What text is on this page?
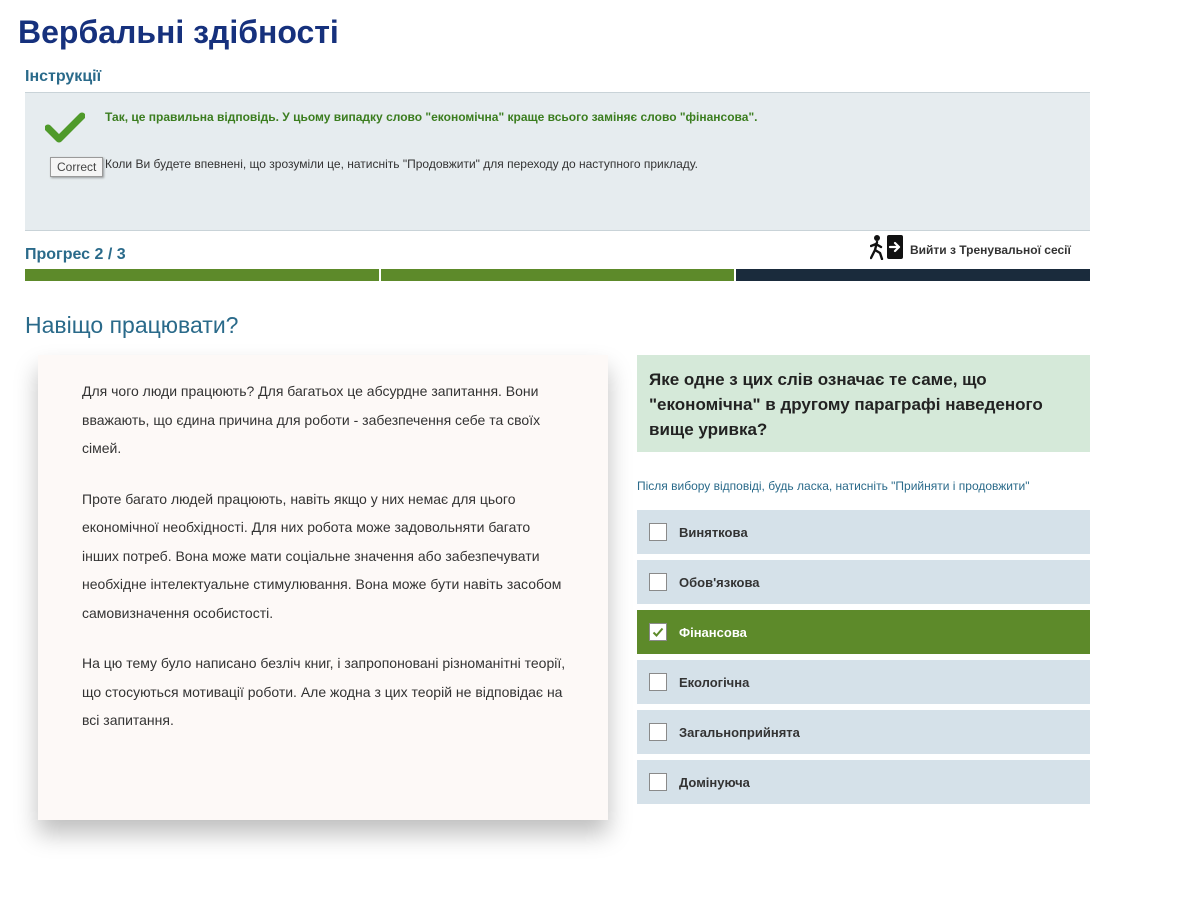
Вербальні здібності
Інструкції
Correct
Так, це правильна відповідь. У цьому випадку слово "економічна" краще всього заміняє слово "фінансова".
Коли Ви будете впевнені, що зрозуміли це, натисніть "Продовжити" для переходу до наступного прикладу.
Прогрес 2 / 3	Вийти з Тренувальної сесії
Навіщо працювати?

Для чого люди працюють? Для багатьох це абсурдне запитання. Вони вважають, що єдина причина для роботи - забезпечення себе та своїх сімей.

Проте багато людей працюють, навіть якщо у них немає для цього економічної необхідності. Для них робота може задовольняти багато інших потреб. Вона може мати соціальне значення або забезпечувати необхідне інтелектуальне стимулювання. Вона може бути навіть засобом самовизначення особистості.

На цю тему було написано безліч книг, і запропоновані різноманітні теорії, що стосуються мотивації роботи. Але жодна з цих теорій не відповідає на всі запитання.

Яке одне з цих слів означає те саме, що "економічна" в другому параграфі наведеного вище уривка?
Після вибору відповіді, будь ласка, натисніть "Прийняти і продовжити"
Винятковa
Обов'язкова
Фінансова
Екологічна
Загальноприйнята
Домінуюча
